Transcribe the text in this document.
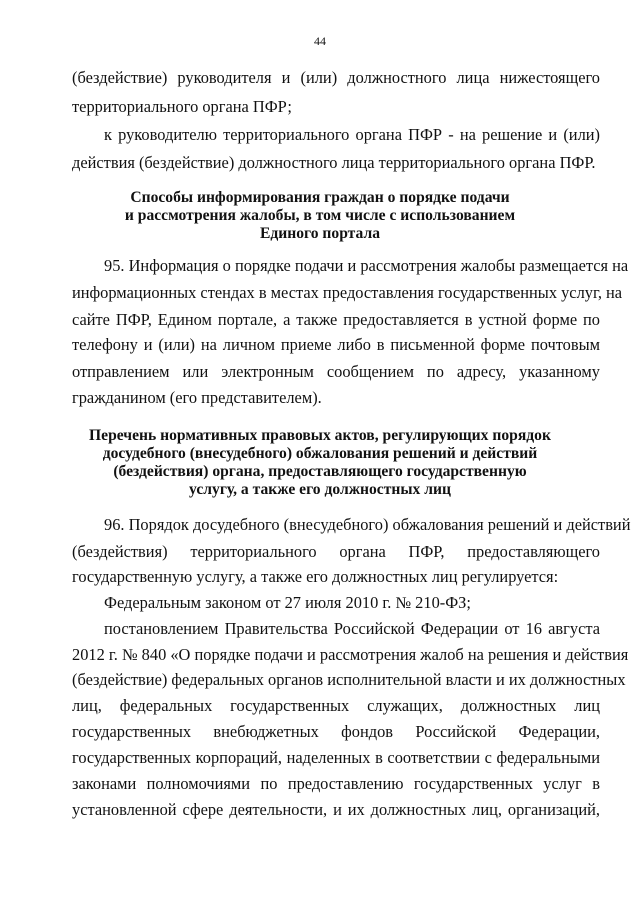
44
(бездействие) руководителя и (или) должностного лица нижестоящего
территориального органа ПФР;
к руководителю территориального органа ПФР - на решение и (или)
действия (бездействие) должностного лица территориального органа ПФР.
Способы информирования граждан о порядке подачи
и рассмотрения жалобы, в том числе с использованием
Единого портала
95. Информация о порядке подачи и рассмотрения жалобы размещается на
информационных стендах в местах предоставления государственных услуг, на
сайте ПФР, Едином портале, а также предоставляется в устной форме по
телефону и (или) на личном приеме либо в письменной форме почтовым
отправлением или электронным сообщением по адресу, указанному
гражданином (его представителем).
Перечень нормативных правовых актов, регулирующих порядок
досудебного (внесудебного) обжалования решений и действий
(бездействия) органа, предоставляющего государственную
услугу, а также его должностных лиц
96. Порядок досудебного (внесудебного) обжалования решений и действий
(бездействия) территориального органа ПФР, предоставляющего
государственную услугу, а также его должностных лиц регулируется:
Федеральным законом от 27 июля 2010 г. № 210-ФЗ;
постановлением Правительства Российской Федерации от 16 августа
2012 г. № 840 «О порядке подачи и рассмотрения жалоб на решения и действия
(бездействие) федеральных органов исполнительной власти и их должностных
лиц, федеральных государственных служащих, должностных лиц
государственных внебюджетных фондов Российской Федерации,
государственных корпораций, наделенных в соответствии с федеральными
законами полномочиями по предоставлению государственных услуг в
установленной сфере деятельности, и их должностных лиц, организаций,
